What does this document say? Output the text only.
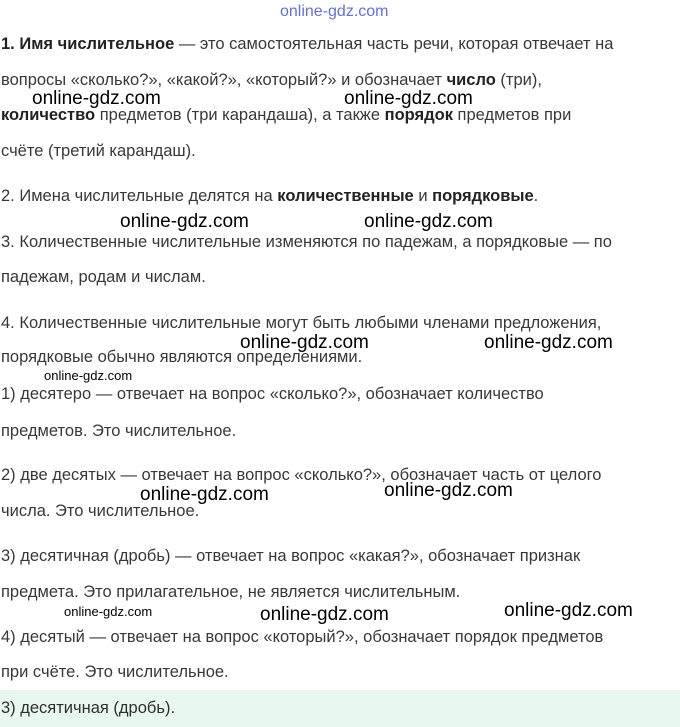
online-gdz.com
1. Имя числительное — это самостоятельная часть речи, которая отвечает на
вопросы «сколько?», «какой?», «который?» и обозначает число (три),
количество предметов (три карандаша), а также порядок предметов при
счёте (третий карандаш).
2. Имена числительные делятся на количественные и порядковые.
3. Количественные числительные изменяются по падежам, а порядковые — по
падежам, родам и числам.
4. Количественные числительные могут быть любыми членами предложения,
порядковые обычно являются определениями.
1) десятеро — отвечает на вопрос «сколько?», обозначает количество
предметов. Это числительное.
2) две десятых — отвечает на вопрос «сколько?», обозначает часть от целого
числа. Это числительное.
3) десятичная (дробь) — отвечает на вопрос «какая?», обозначает признак
предмета. Это прилагательное, не является числительным.
4) десятый — отвечает на вопрос «который?», обозначает порядок предметов
при счёте. Это числительное.
3) десятичная (дробь).
online-gdz.com	online-gdz.com
online-gdz.com	online-gdz.com
online-gdz.com	online-gdz.com
online-gdz.com	online-gdz.com
online-gdz.com	online-gdz.com
online-gdz.com
online-gdz.com
